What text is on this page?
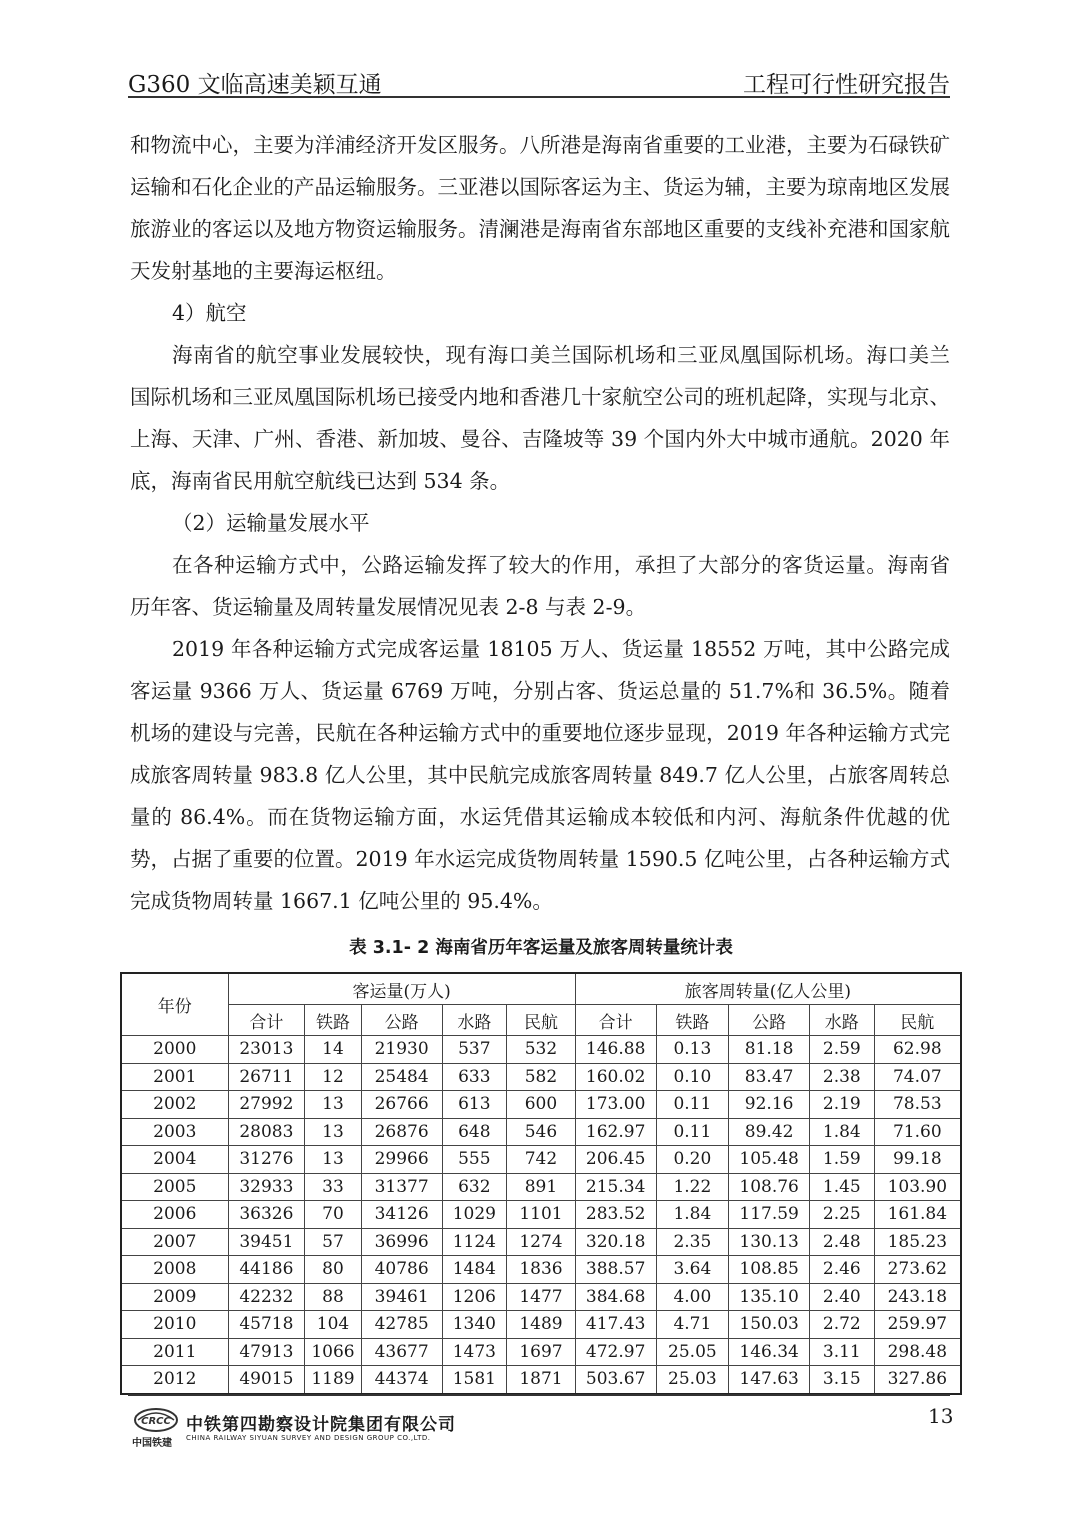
G360 文临高速美颖互通	工程可行性研究报告

和物流中心，主要为洋浦经济开发区服务。八所港是海南省重要的工业港，主要为石碌铁矿运输和石化企业的产品运输服务。三亚港以国际客运为主、货运为辅，主要为琼南地区发展旅游业的客运以及地方物资运输服务。清澜港是海南省东部地区重要的支线补充港和国家航天发射基地的主要海运枢纽。

4）航空

海南省的航空事业发展较快，现有海口美兰国际机场和三亚凤凰国际机场。海口美兰国际机场和三亚凤凰国际机场已接受内地和香港几十家航空公司的班机起降，实现与北京、上海、天津、广州、香港、新加坡、曼谷、吉隆坡等 39 个国内外大中城市通航。2020 年底，海南省民用航空航线已达到 534 条。

（2）运输量发展水平

在各种运输方式中，公路运输发挥了较大的作用，承担了大部分的客货运量。海南省历年客、货运输量及周转量发展情况见表 2-8 与表 2-9。

2019 年各种运输方式完成客运量 18105 万人、货运量 18552 万吨，其中公路完成客运量 9366 万人、货运量 6769 万吨，分别占客、货运总量的 51.7%和 36.5%。随着机场的建设与完善，民航在各种运输方式中的重要地位逐步显现，2019 年各种运输方式完成旅客周转量 983.8 亿人公里，其中民航完成旅客周转量 849.7 亿人公里，占旅客周转总量的 86.4%。而在货物运输方面，水运凭借其运输成本较低和内河、海航条件优越的优势，占据了重要的位置。2019 年水运完成货物周转量 1590.5 亿吨公里，占各种运输方式完成货物周转量 1667.1 亿吨公里的 95.4%。

表 3.1- 2 海南省历年客运量及旅客周转量统计表
年份	客运量(万人)					旅客周转量(亿人公里)				
	合计	铁路	公路	水路	民航	合计	铁路	公路	水路	民航
2000	23013	14	21930	537	532	146.88	0.13	81.18	2.59	62.98
2001	26711	12	25484	633	582	160.02	0.10	83.47	2.38	74.07
2002	27992	13	26766	613	600	173.00	0.11	92.16	2.19	78.53
2003	28083	13	26876	648	546	162.97	0.11	89.42	1.84	71.60
2004	31276	13	29966	555	742	206.45	0.20	105.48	1.59	99.18
2005	32933	33	31377	632	891	215.34	1.22	108.76	1.45	103.90
2006	36326	70	34126	1029	1101	283.52	1.84	117.59	2.25	161.84
2007	39451	57	36996	1124	1274	320.18	2.35	130.13	2.48	185.23
2008	44186	80	40786	1484	1836	388.57	3.64	108.85	2.46	273.62
2009	42232	88	39461	1206	1477	384.68	4.00	135.10	2.40	243.18
2010	45718	104	42785	1340	1489	417.43	4.71	150.03	2.72	259.97
2011	47913	1066	43677	1473	1697	472.97	25.05	146.34	3.11	298.48
2012	49015	1189	44374	1581	1871	503.67	25.03	147.63	3.15	327.86
CRCC
中国铁建
中铁第四勘察设计院集团有限公司
CHINA RAILWAY SIYUAN SURVEY AND DESIGN GROUP CO.,LTD.
13
